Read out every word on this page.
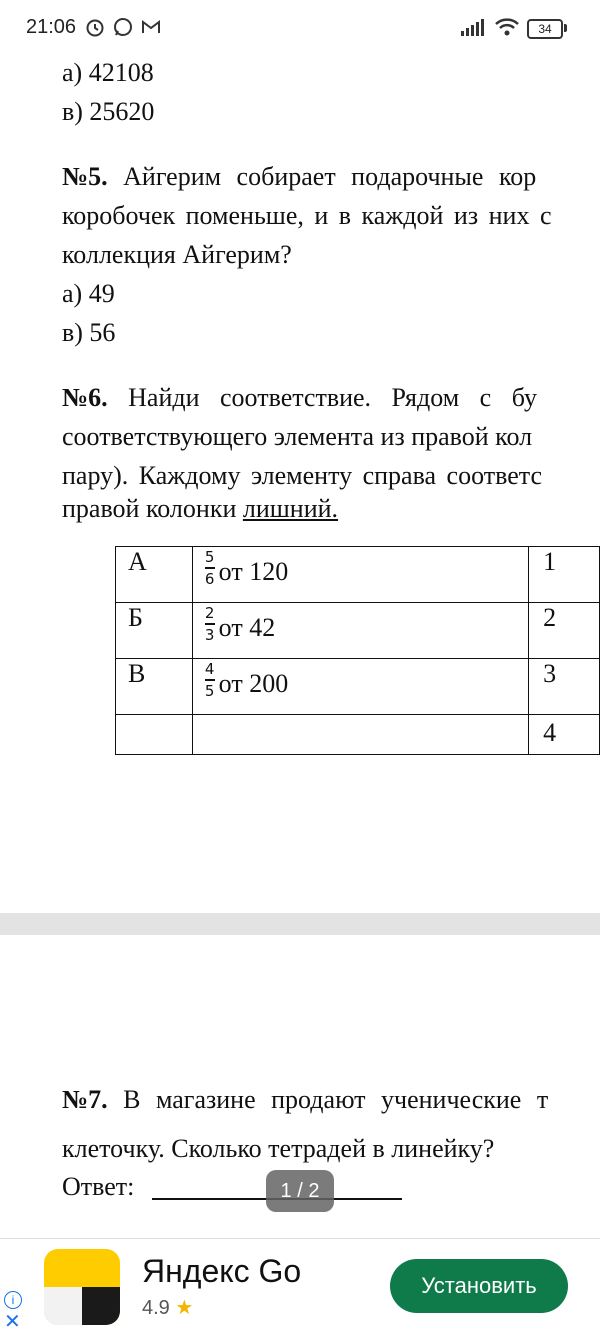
21:06	34
а) 42108
в) 25620
№5. Айгерим собирает подарочные кор
коробочек поменьше, и в каждой из них с
коллекция Айгерим?
а) 49
в) 56
№6. Найди соответствие. Рядом с бу
соответствующего элемента из правой кол
пару). Каждому элементу справа соответс
правой колонки лишний.
А	$\frac{5}{6}$ от 120	1
Б	$\frac{2}{3}$ от 42	2
В	$\frac{4}{5}$ от 200	3
		4
№7. В магазине продают ученические т
клеточку. Сколько тетрадей в линейку?
Ответ:	1 / 2
i
✕
Яндекс Go
4.9 ★
Установить
